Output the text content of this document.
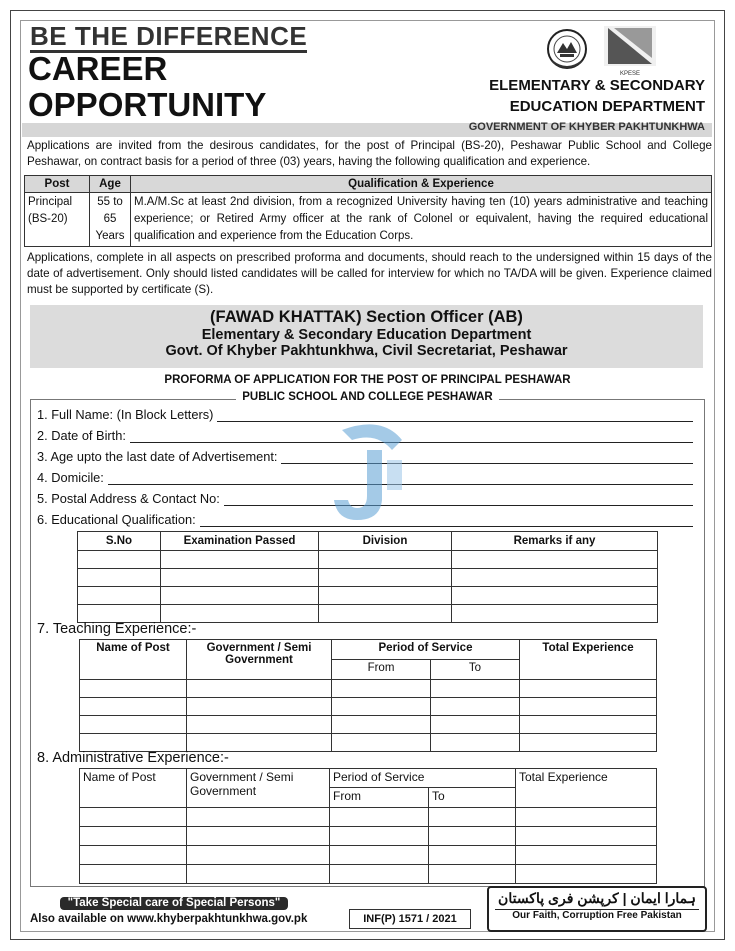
BE THE DIFFERENCE
CAREER
OPPORTUNITY
KPESE
ELEMENTARY & SECONDARY
EDUCATION DEPARTMENT
GOVERNMENT OF KHYBER PAKHTUNKHWA
Applications are invited from the desirous candidates, for the post of Principal (BS-20), Peshawar Public School and College Peshawar, on contract basis for a period of three (03) years, having the following qualification and experience.
Post	Age	Qualification & Experience
Principal (BS-20)	55 to 65 Years	M.A/M.Sc at least 2nd division, from a recognized University having ten (10) years administrative and teaching experience; or Retired Army officer at the rank of Colonel or equivalent, having the required educational qualification and experience from the Education Corps.
Applications, complete in all aspects on prescribed proforma and documents, should reach to the undersigned within 15 days of the date of advertisement. Only should listed candidates will be called for interview for which no TA/DA will be given. Experience claimed must be supported by certificate (S).
(FAWAD KHATTAK) Section Officer (AB)
Elementary & Secondary Education Department
Govt. Of Khyber Pakhtunkhwa, Civil Secretariat, Peshawar
PROFORMA OF APPLICATION FOR THE POST OF PRINCIPAL PESHAWAR
PUBLIC SCHOOL AND COLLEGE PESHAWAR
1. Full Name: (In Block Letters)
2. Date of Birth:
3. Age upto the last date of Advertisement:
4. Domicile:
5. Postal Address & Contact No:
6. Educational Qualification:
S.No	Examination Passed	Division	Remarks if any

7. Teaching Experience:-
Name of Post	Government / Semi Government	Period of Service		Total Experience
		From	To	

8. Administrative Experience:-
Name of Post	Government / Semi Government	Period of Service		Total Experience
		From	To	

"Take Special care of Special Persons"
Also available on www.khyberpakhtunkhwa.gov.pk	INF(P) 1571 / 2021
ہمارا ایمان | کرپشن فری پاکستان
Our Faith, Corruption Free Pakistan
